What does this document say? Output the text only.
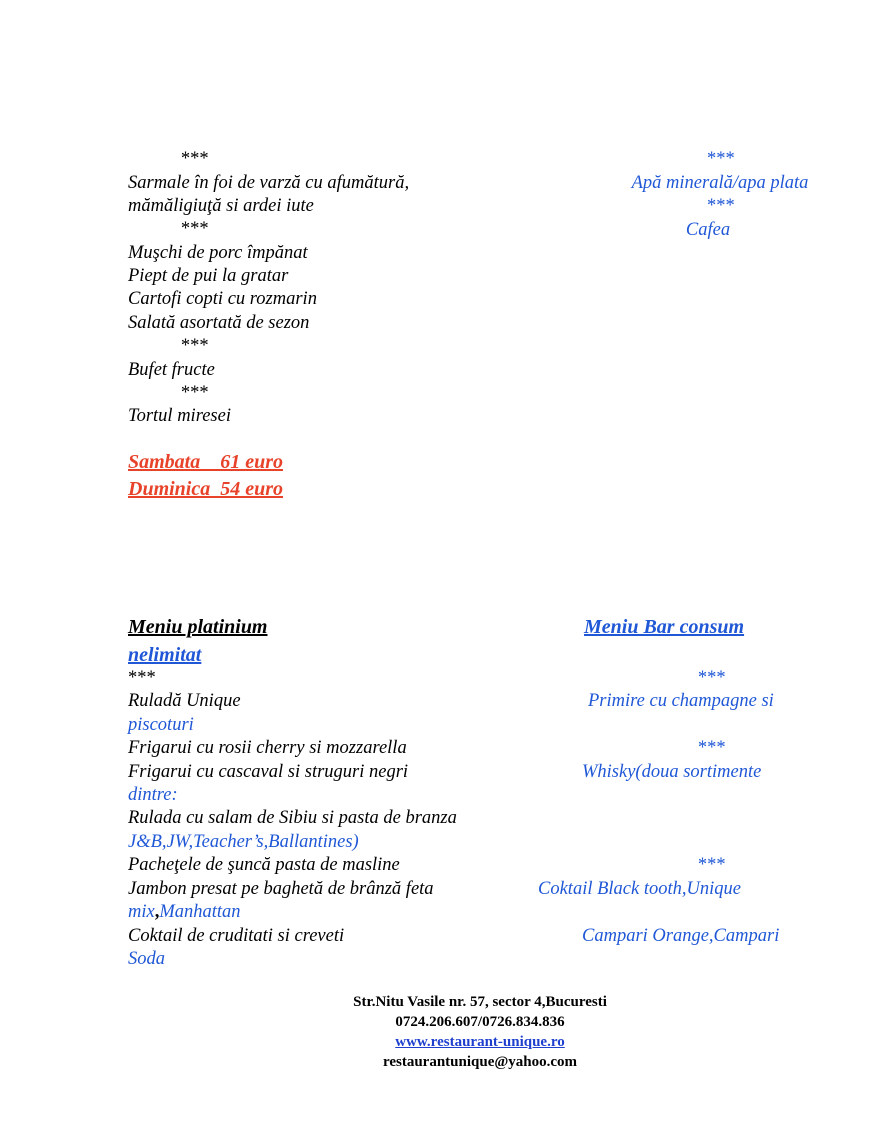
***
Sarmale în foi de varză cu afumătură,
mămăligiuţă si ardei iute
***
Muşchi de porc împănat
Piept de pui la gratar
Cartofi copti cu rozmarin
Salată asortată de sezon
***
Bufet fructe
***
Tortul miresei
***
Apă minerală/apa plata
***
Cafea
Sambata    61 euro
Duminica  54 euro
Meniu platinium
nelimitat
Meniu Bar consum
***
Ruladă Unique
piscoturi
Frigarui cu rosii cherry si mozzarella
Frigarui cu cascaval si struguri negri
dintre:
Rulada cu salam de Sibiu si pasta de branza
J&B,JW,Teacher’s,Ballantines)
Pacheţele de şuncă pasta de masline
Jambon presat pe baghetă de brânză feta
mix,Manhattan
Coktail de cruditati si creveti
Soda
***
Primire cu champagne si
***
Whisky(doua sortimente
***
Coktail Black tooth,Unique
Campari Orange,Campari
Str.Nitu Vasile nr. 57, sector 4,Bucuresti
0724.206.607/0726.834.836
www.restaurant-unique.ro
restaurantunique@yahoo.com
